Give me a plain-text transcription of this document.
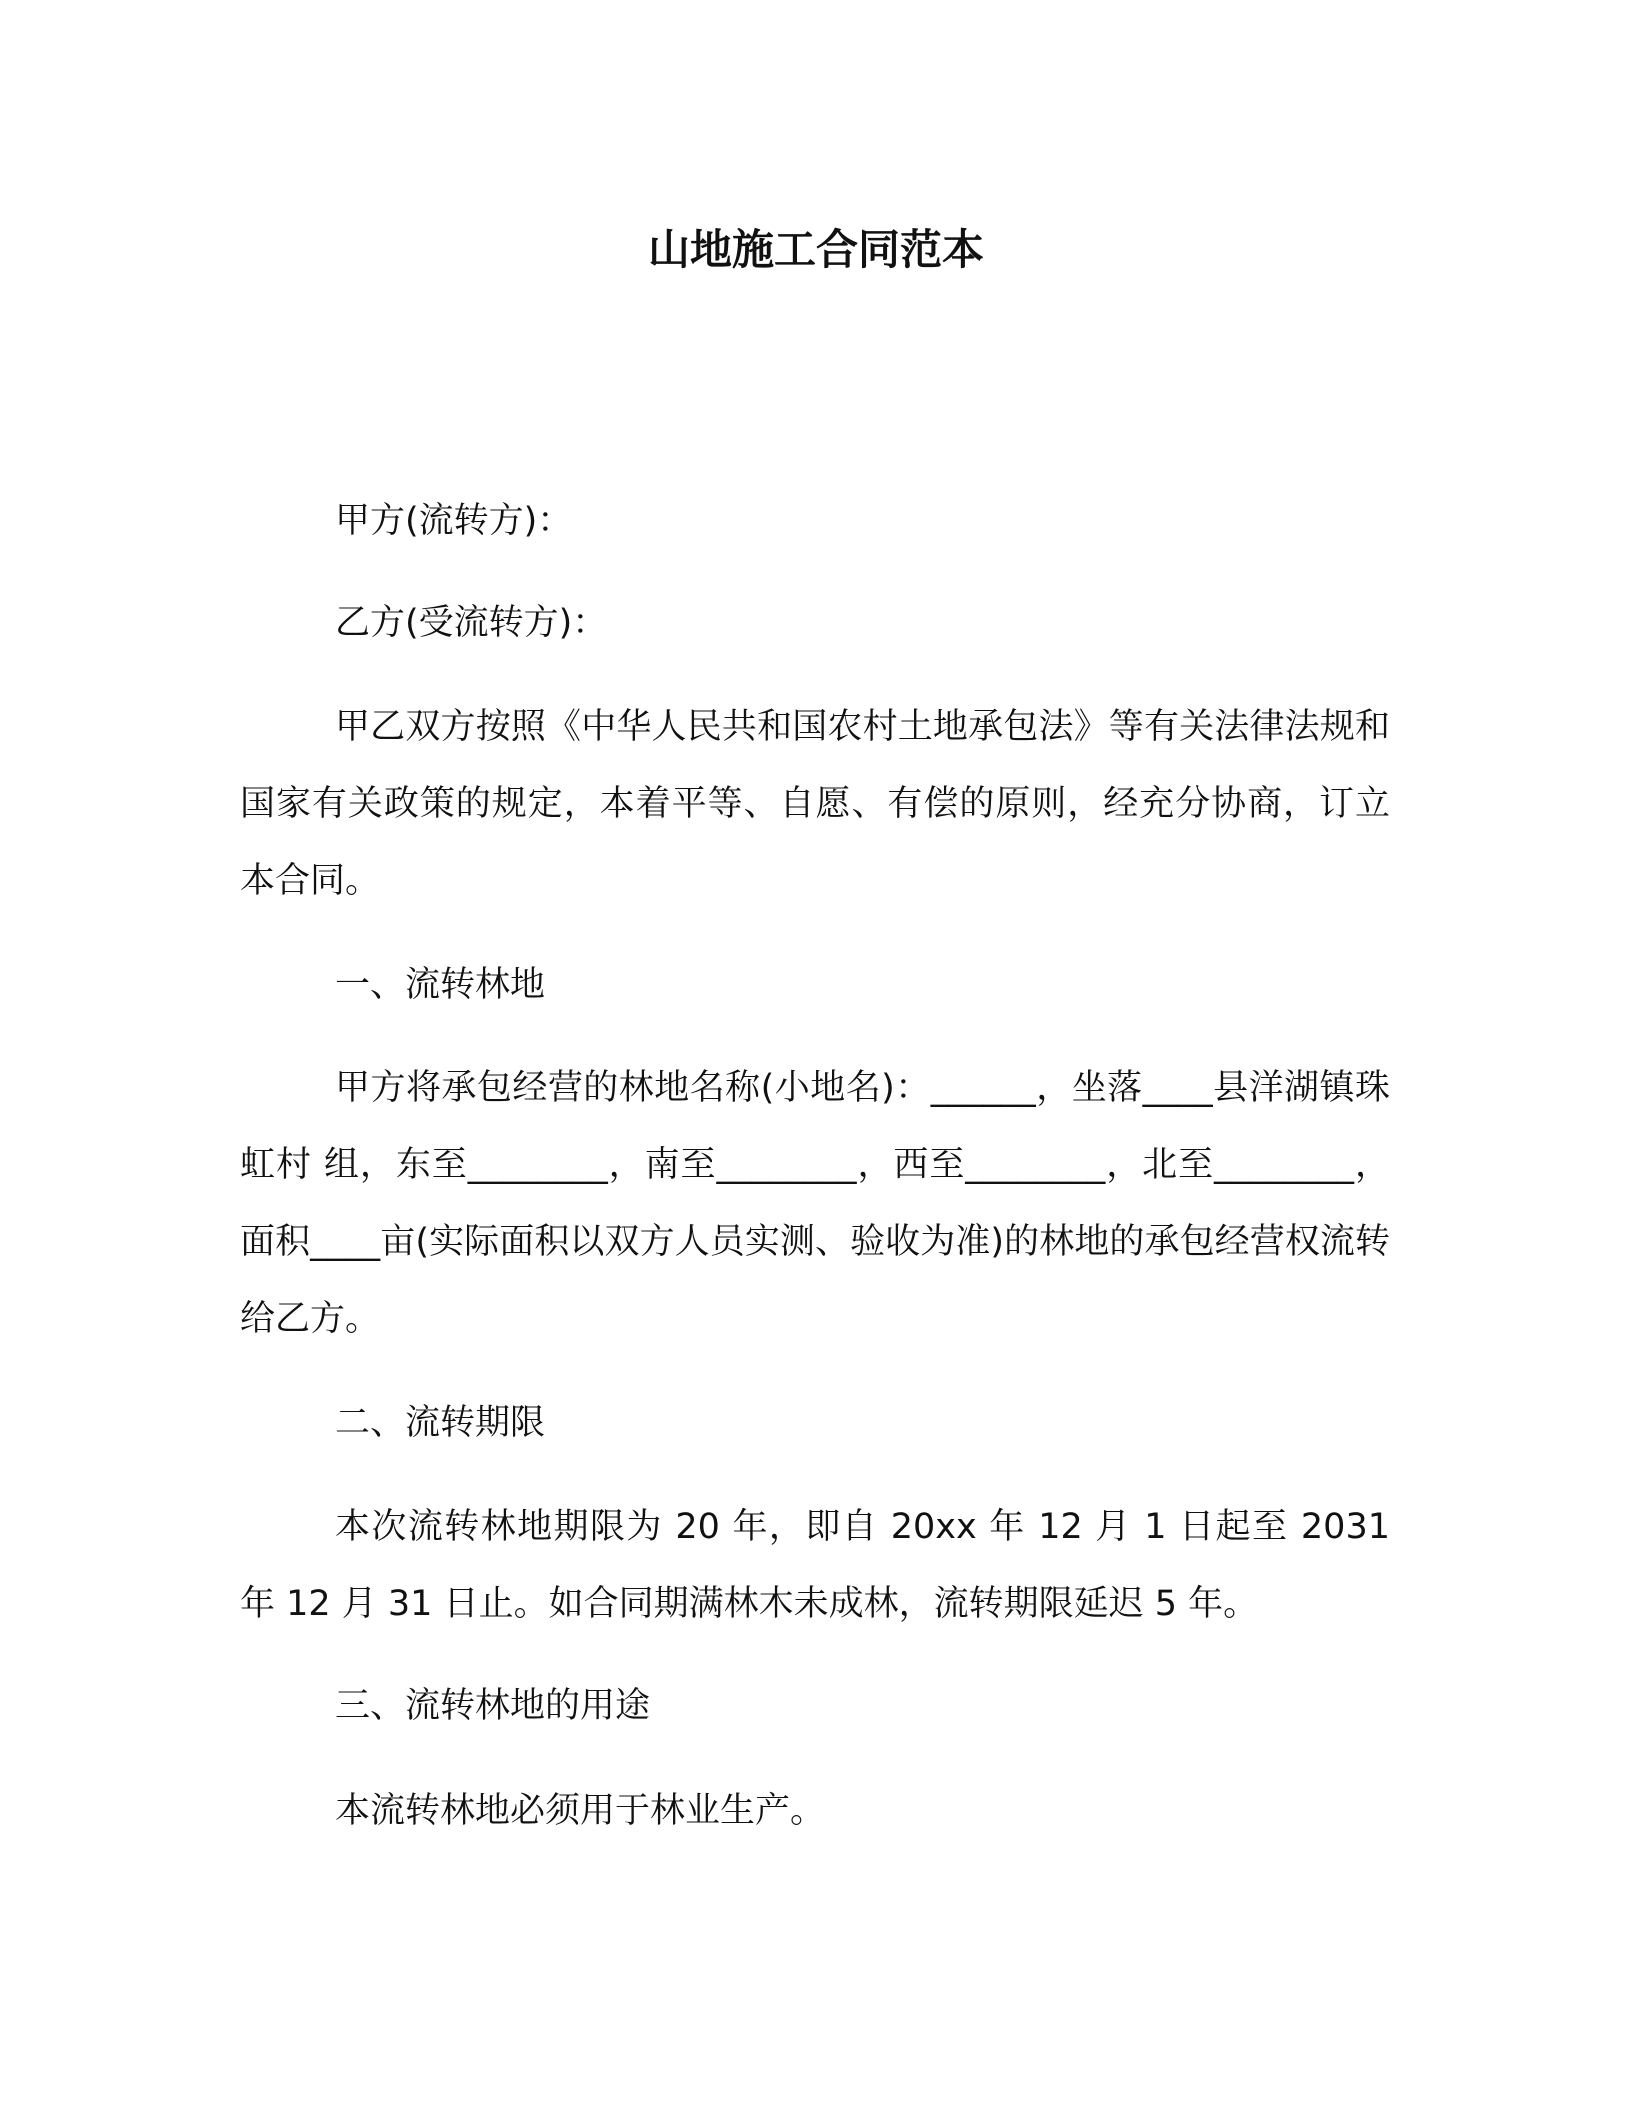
山地施工合同范本
甲方(流转方)：
乙方(受流转方)：
甲乙双方按照《中华人民共和国农村土地承包法》等有关法律法规和国家有关政策的规定，本着平等、自愿、有偿的原则，经充分协商，订立本合同。
一、流转林地
甲方将承包经营的林地名称(小地名)：______，坐落____县洋湖镇珠虹村 组，东至________，南至________，西至________，北至________，面积____亩(实际面积以双方人员实测、验收为准)的林地的承包经营权流转给乙方。
二、流转期限
本次流转林地期限为 20 年，即自 20xx 年 12 月 1 日起至 2031 年 12 月 31 日止。如合同期满林木未成林，流转期限延迟 5 年。
三、流转林地的用途
本流转林地必须用于林业生产。
